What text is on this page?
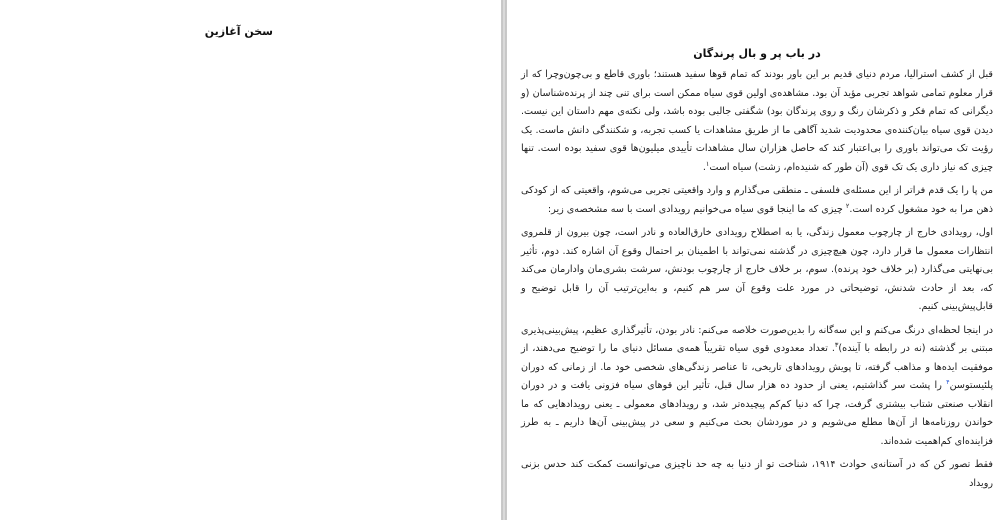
سخن آغازین
در باب پر و بال پرندگان

قبل از کشف استرالیا، مردم دنیای قدیم بر این باور بودند که تمام قوها سفید هستند؛ باوری قاطع و بی‌چون‌وچرا که از قرار معلوم تمامی شواهد تجربی مؤید آن بود. مشاهده‌ی اولین قوی سیاه ممکن است برای تنی چند از پرنده‌شناسان (و دیگرانی که تمام فکر و ذکرشان رنگ و روی پرندگان بود) شگفتی جالبی بوده باشد، ولی نکته‌ی مهم داستان این نیست. دیدن قوی سیاه بیان‌کننده‌ی محدودیت شدید آگاهی ما از طریق مشاهدات یا کسب تجربه، و شکنندگی دانش ماست. یک رؤیت تک می‌تواند باوری را بی‌اعتبار کند که حاصل هزاران سال مشاهدات تأییدی میلیون‌ها قوی سفید بوده است. تنها چیزی که نیاز داری یک تک قوی (آن طور که شنیده‌ام، زشت) سیاه است$^۱$.

من پا را یک قدم فراتر از این مسئله‌ی فلسفی ـ منطقی می‌گذارم و وارد واقعیتی تجربی می‌شوم، واقعیتی که از کودکی ذهن مرا به خود مشغول کرده است.$^۲$ چیزی که ما اینجا قوی سیاه می‌خوانیم رویدادی است با سه مشخصه‌ی زیر:

اول، رویدادی خارج از چارچوب معمول زندگی، یا به اصطلاح رویدادی خارق‌العاده و نادر است، چون بیرون از قلمروی انتظارات معمول ما قرار دارد، چون هیچ‌چیزی در گذشته نمی‌تواند با اطمینان بر احتمال وقوع آن اشاره کند. دوم، تأثیر بی‌نهایتی می‌گذارد (بر خلاف خود پرنده). سوم، بر خلاف خارج از چارچوب بودنش، سرشت بشری‌مان وادارمان می‌کند که، بعد از حادث شدنش، توضیحاتی در مورد علت وقوع آن سر هم کنیم، و به‌این‌ترتیب آن را قابل توضیح و قابل‌پیش‌بینی کنیم.

در اینجا لحظه‌ای درنگ می‌کنم و این سه‌گانه را بدین‌صورت خلاصه می‌کنم: نادر بودن، تأثیرگذاری عظیم، پیش‌بینی‌پذیری مبتنی بر گذشته (نه در رابطه با آینده)$^۳$. تعداد معدودی قوی سیاه تقریباً همه‌ی مسائل دنیای ما را توضیح می‌دهند، از موفقیت ایده‌ها و مذاهب گرفته، تا پویش رویدادهای تاریخی، تا عناصر زندگی‌های شخصی خود ما. از زمانی که دوران پلئیستوسن$^۴$ را پشت سر گذاشتیم، یعنی از حدود ده هزار سال قبل، تأثیر این قوهای سیاه فزونی یافت و در دوران انقلاب صنعتی شتاب بیشتری گرفت، چرا که دنیا کم‌کم پیچیده‌تر شد، و رویدادهای معمولی ـ یعنی رویدادهایی که ما خواندن روزنامه‌ها از آن‌ها مطلع می‌شویم و در موردشان بحث می‌کنیم و سعی در پیش‌بینی آن‌ها داریم ـ به طرز فزاینده‌ای کم‌اهمیت شده‌اند.

فقط تصور کن که در آستانه‌ی حوادث ۱۹۱۴، شناخت تو از دنیا به چه حد ناچیزی می‌توانست کمکت کند حدس بزنی رویداد
